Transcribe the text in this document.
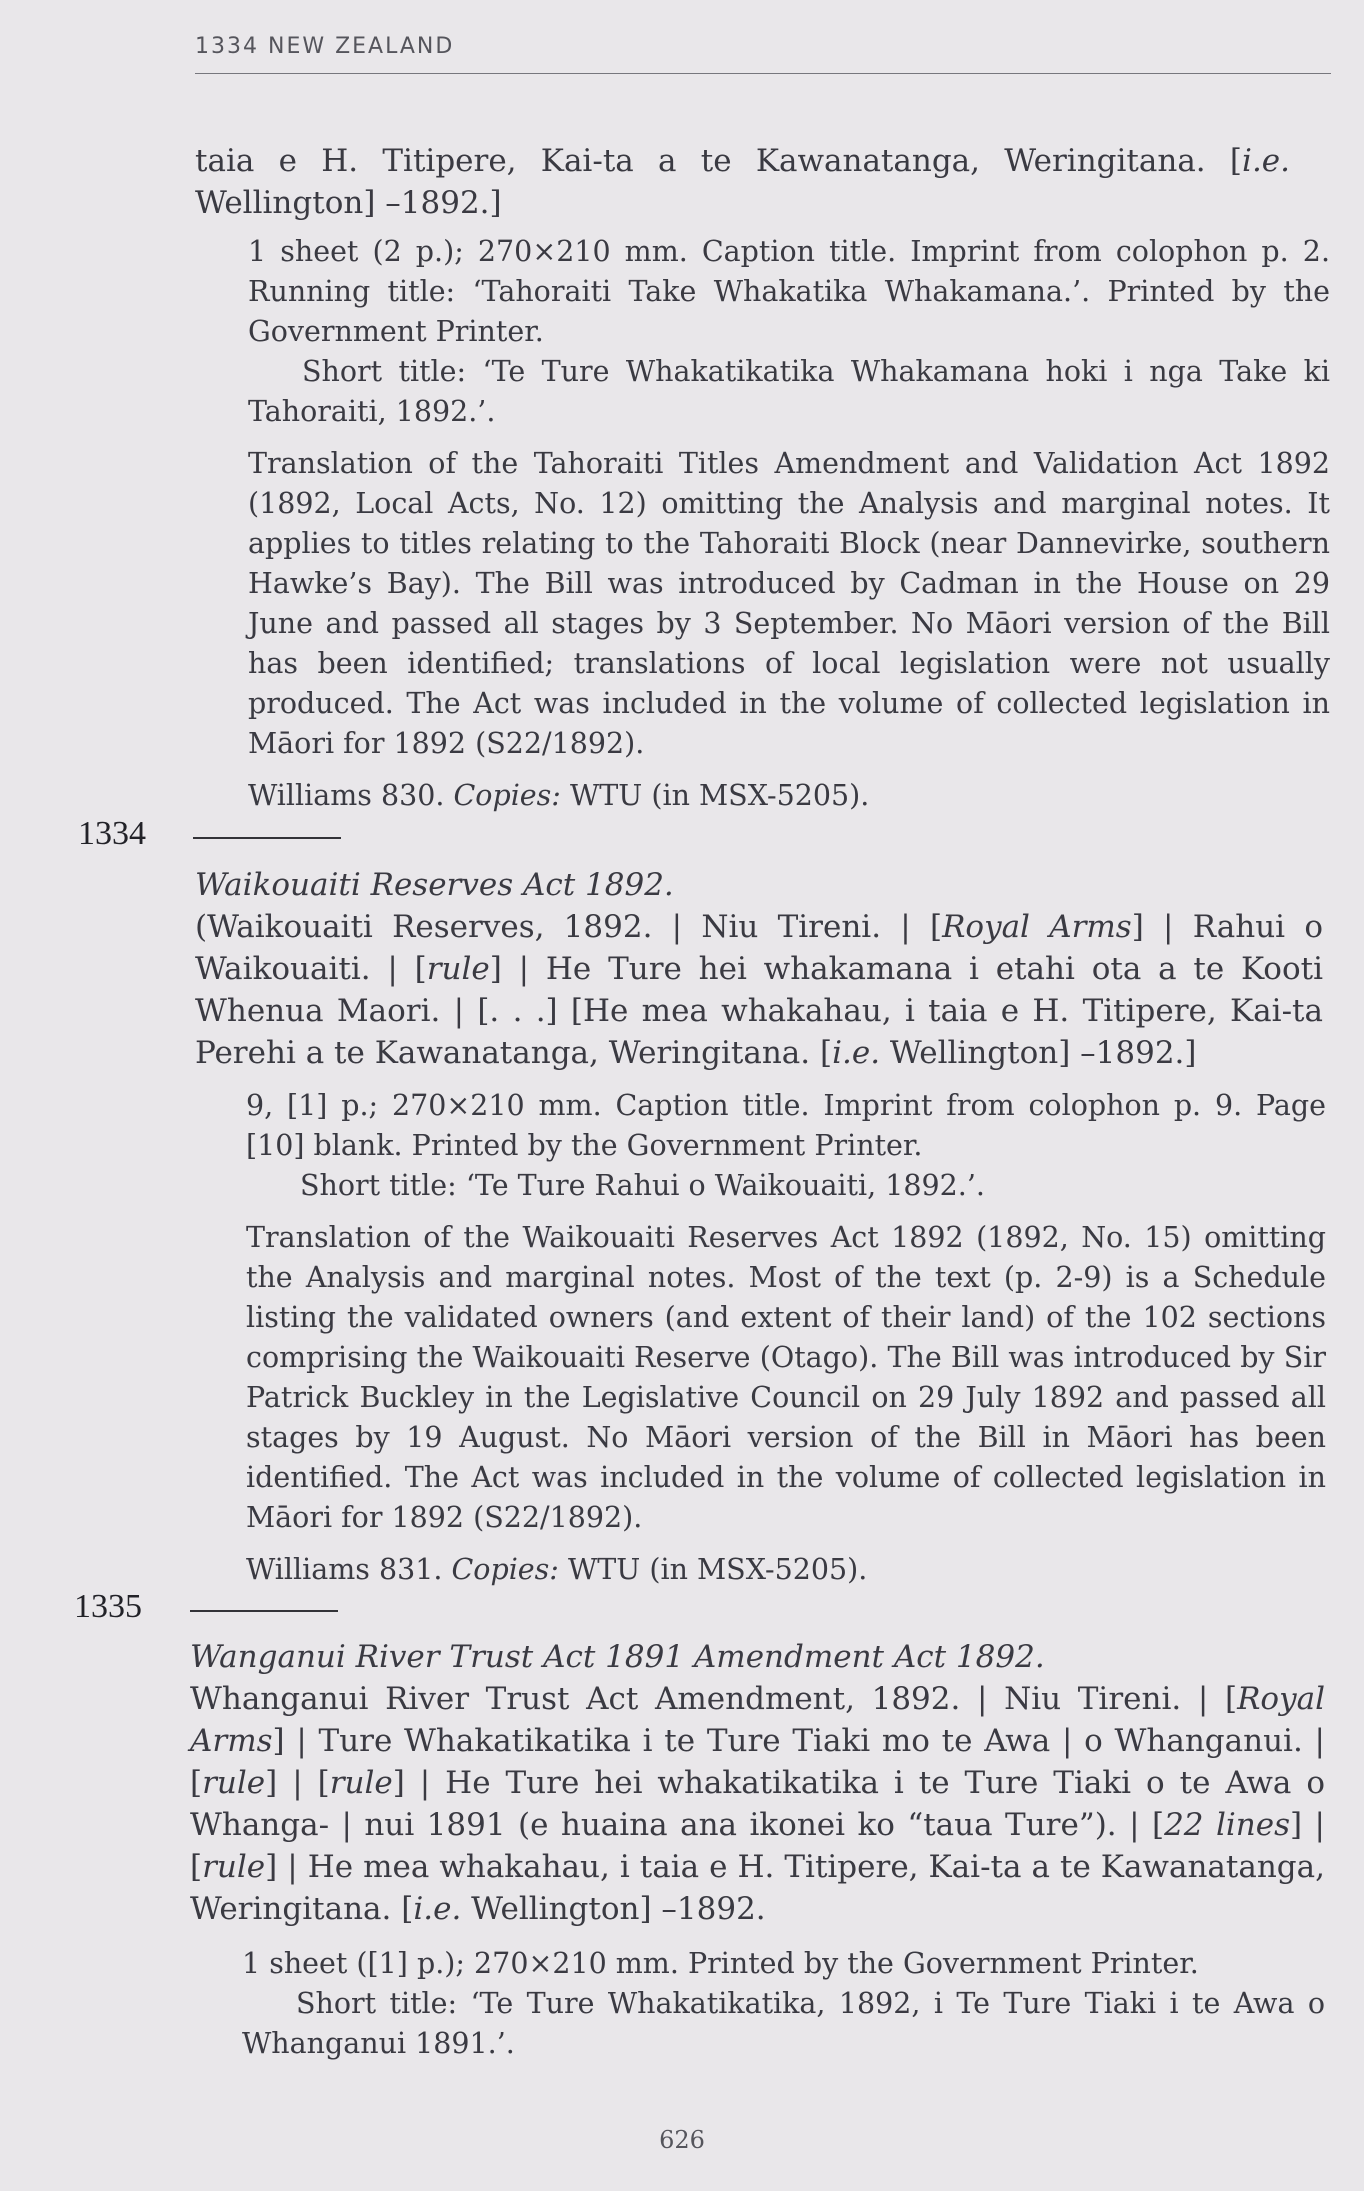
1334 NEW ZEALAND

taia e H. Titipere, Kai-ta a te Kawanatanga, Weringitana. [i.e. Wellington] –1892.]

1 sheet (2 p.); 270×210 mm. Caption title. Imprint from colophon p. 2. Running title: ‘Tahoraiti Take Whakatika Whakamana.’. Printed by the Government Printer.

Short title: ‘Te Ture Whakatikatika Whakamana hoki i nga Take ki Tahoraiti, 1892.’.

Translation of the Tahoraiti Titles Amendment and Validation Act 1892 (1892, Local Acts, No. 12) omitting the Analysis and marginal notes. It applies to titles relating to the Tahoraiti Block (near Dannevirke, southern Hawke’s Bay). The Bill was introduced by Cadman in the House on 29 June and passed all stages by 3 September. No Māori version of the Bill has been identified; translations of local legislation were not usually produced. The Act was included in the volume of collected legislation in Māori for 1892 (S22/1892).

Williams 830. Copies: WTU (in MSX-5205).

1334

Waikouaiti Reserves Act 1892.

(Waikouaiti Reserves, 1892. | Niu Tireni. | [Royal Arms] | Rahui o Waikouaiti. | [rule] | He Ture hei whakamana i etahi ota a te Kooti Whenua Maori. | [. . .] [He mea whakahau, i taia e H. Titipere, Kai-ta Perehi a te Kawanatanga, Weringitana. [i.e. Wellington] –1892.]

9, [1] p.; 270×210 mm. Caption title. Imprint from colophon p. 9. Page [10] blank. Printed by the Government Printer.

Short title: ‘Te Ture Rahui o Waikouaiti, 1892.’.

Translation of the Waikouaiti Reserves Act 1892 (1892, No. 15) omitting the Analysis and marginal notes. Most of the text (p. 2-9) is a Schedule listing the validated owners (and extent of their land) of the 102 sections comprising the Waikouaiti Reserve (Otago). The Bill was introduced by Sir Patrick Buckley in the Legislative Council on 29 July 1892 and passed all stages by 19 August. No Māori version of the Bill in Māori has been identified. The Act was included in the volume of collected legislation in Māori for 1892 (S22/1892).

Williams 831. Copies: WTU (in MSX-5205).

1335

Wanganui River Trust Act 1891 Amendment Act 1892.

Whanganui River Trust Act Amendment, 1892. | Niu Tireni. | [Royal Arms] | Ture Whakatikatika i te Ture Tiaki mo te Awa | o Whanganui. | [rule] | [rule] | He Ture hei whakatikatika i te Ture Tiaki o te Awa o Whanga- | nui 1891 (e huaina ana ikonei ko “taua Ture”). | [22 lines] | [rule] | He mea whakahau, i taia e H. Titipere, Kai-ta a te Kawanatanga, Weringitana. [i.e. Wellington] –1892.

1 sheet ([1] p.); 270×210 mm. Printed by the Government Printer.

Short title: ‘Te Ture Whakatikatika, 1892, i Te Ture Tiaki i te Awa o Whanganui 1891.’.

626
